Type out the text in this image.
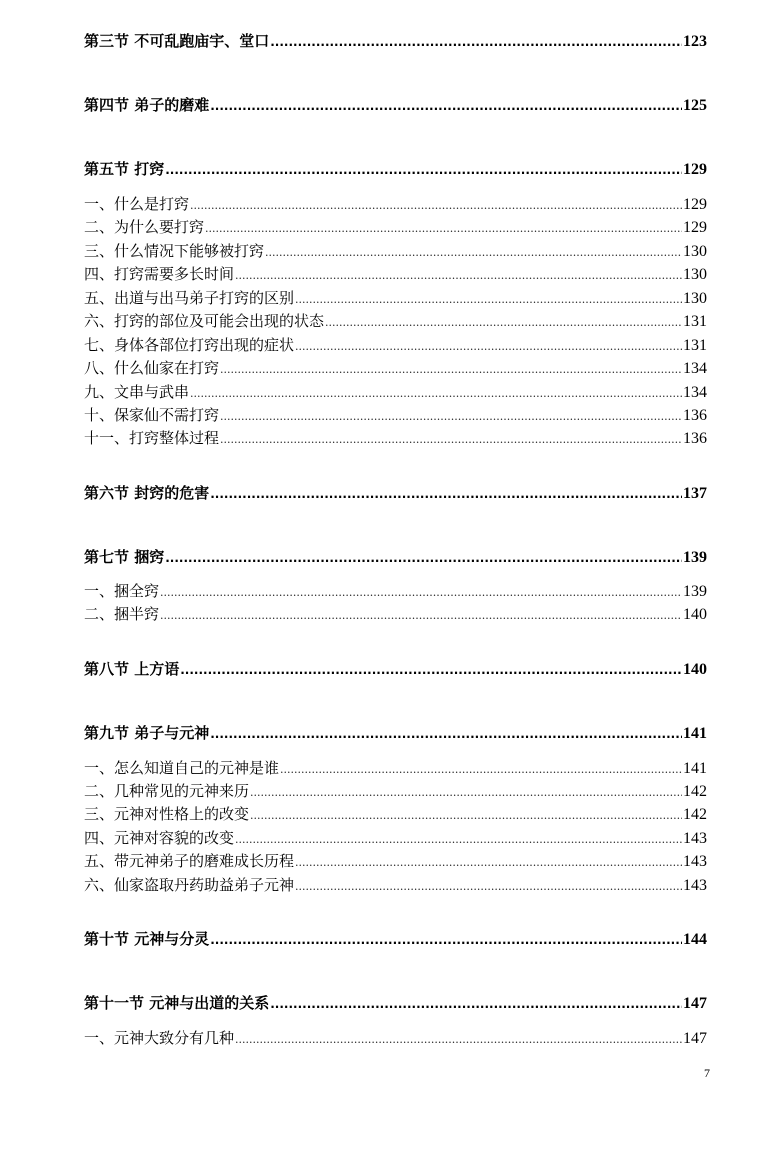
第三节 不可乱跑庙宇、堂口 .....	123
第四节 弟子的磨难 .....	125
第五节 打窍 .....	129
一、什么是打窍 .....	129
二、为什么要打窍 .....	129
三、什么情况下能够被打窍 .....	130
四、打窍需要多长时间 .....	130
五、出道与出马弟子打窍的区别 .....	130
六、打窍的部位及可能会出现的状态 .....	131
七、身体各部位打窍出现的症状 .....	131
八、什么仙家在打窍 .....	134
九、文串与武串 .....	134
十、保家仙不需打窍 .....	136
十一、打窍整体过程 .....	136
第六节 封窍的危害 .....	137
第七节 捆窍 .....	139
一、捆全窍 .....	139
二、捆半窍 .....	140
第八节 上方语 .....	140
第九节 弟子与元神 .....	141
一、怎么知道自己的元神是谁 .....	141
二、几种常见的元神来历 .....	142
三、元神对性格上的改变 .....	142
四、元神对容貌的改变 .....	143
五、带元神弟子的磨难成长历程 .....	143
六、仙家盗取丹药助益弟子元神 .....	143
第十节 元神与分灵 .....	144
第十一节 元神与出道的关系 .....	147
一、元神大致分有几种 .....	147
7
